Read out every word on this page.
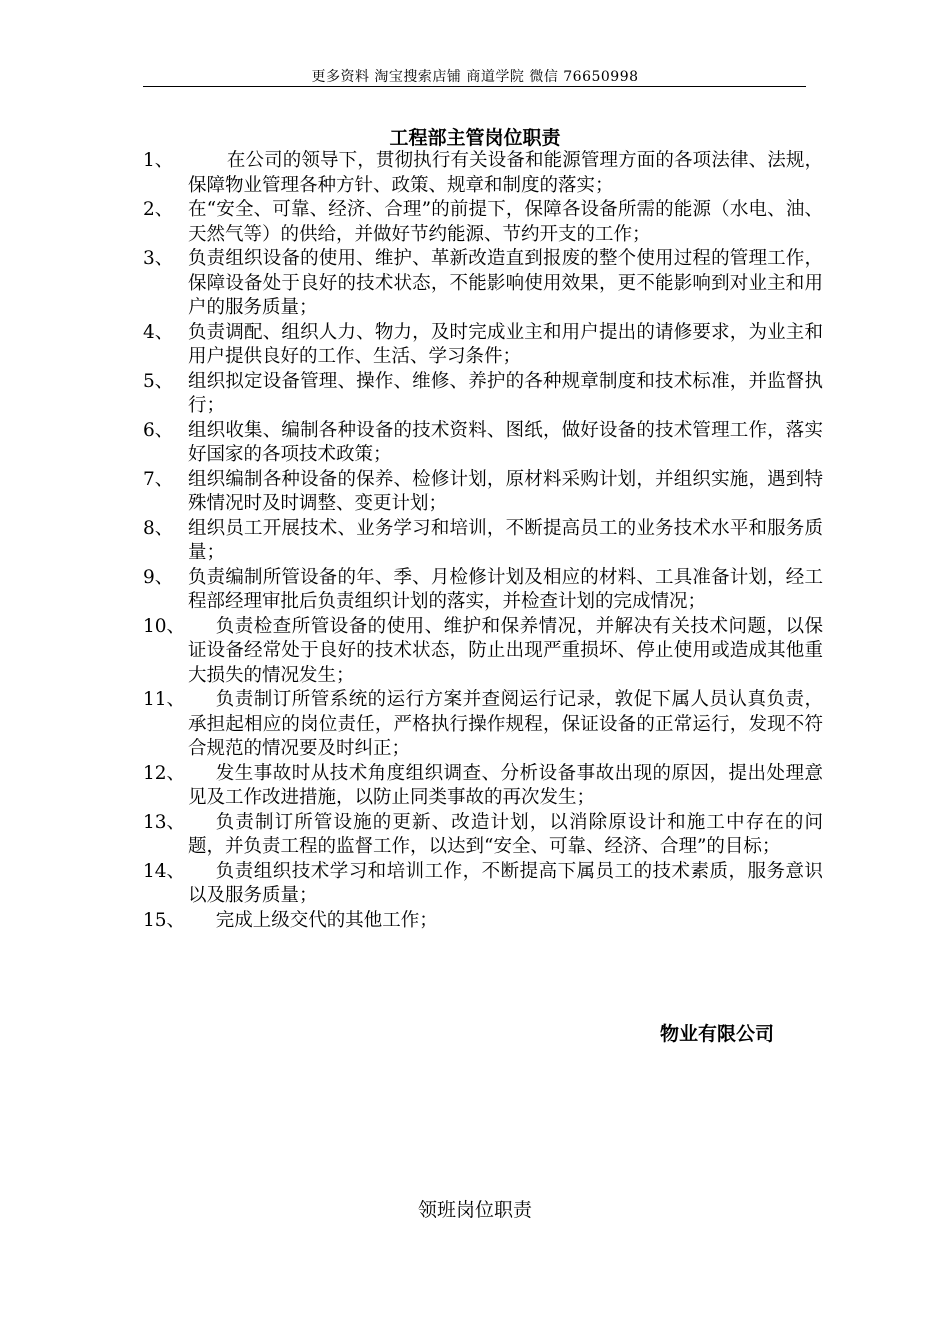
更多资料 淘宝搜索店铺 商道学院 微信 76650998
工程部主管岗位职责
1、	在公司的领导下，贯彻执行有关设备和能源管理方面的各项法律、法规，保障物业管理各种方针、政策、规章和制度的落实；
2、 在“安全、可靠、经济、合理”的前提下，保障各设备所需的能源（水电、油、天然气等）的供给，并做好节约能源、节约开支的工作；
3、 负责组织设备的使用、维护、革新改造直到报废的整个使用过程的管理工作，保障设备处于良好的技术状态，不能影响使用效果，更不能影响到对业主和用户的服务质量；
4、 负责调配、组织人力、物力，及时完成业主和用户提出的请修要求，为业主和用户提供良好的工作、生活、学习条件；
5、 组织拟定设备管理、操作、维修、养护的各种规章制度和技术标准，并监督执行；
6、 组织收集、编制各种设备的技术资料、图纸，做好设备的技术管理工作，落实好国家的各项技术政策；
7、 组织编制各种设备的保养、检修计划，原材料采购计划，并组织实施，遇到特殊情况时及时调整、变更计划；
8、 组织员工开展技术、业务学习和培训，不断提高员工的业务技术水平和服务质量；
9、 负责编制所管设备的年、季、月检修计划及相应的材料、工具准备计划，经工程部经理审批后负责组织计划的落实，并检查计划的完成情况；
10、	负责检查所管设备的使用、维护和保养情况，并解决有关技术问题，以保证设备经常处于良好的技术状态，防止出现严重损坏、停止使用或造成其他重大损失的情况发生；
11、	负责制订所管系统的运行方案并查阅运行记录，敦促下属人员认真负责，承担起相应的岗位责任，严格执行操作规程，保证设备的正常运行，发现不符合规范的情况要及时纠正；
12、	发生事故时从技术角度组织调查、分析设备事故出现的原因，提出处理意见及工作改进措施，以防止同类事故的再次发生；
13、	负责制订所管设施的更新、改造计划，以消除原设计和施工中存在的问题，并负责工程的监督工作，以达到“安全、可靠、经济、合理”的目标；
14、	负责组织技术学习和培训工作，不断提高下属员工的技术素质，服务意识以及服务质量；
15、	完成上级交代的其他工作；
物业有限公司
领班岗位职责
